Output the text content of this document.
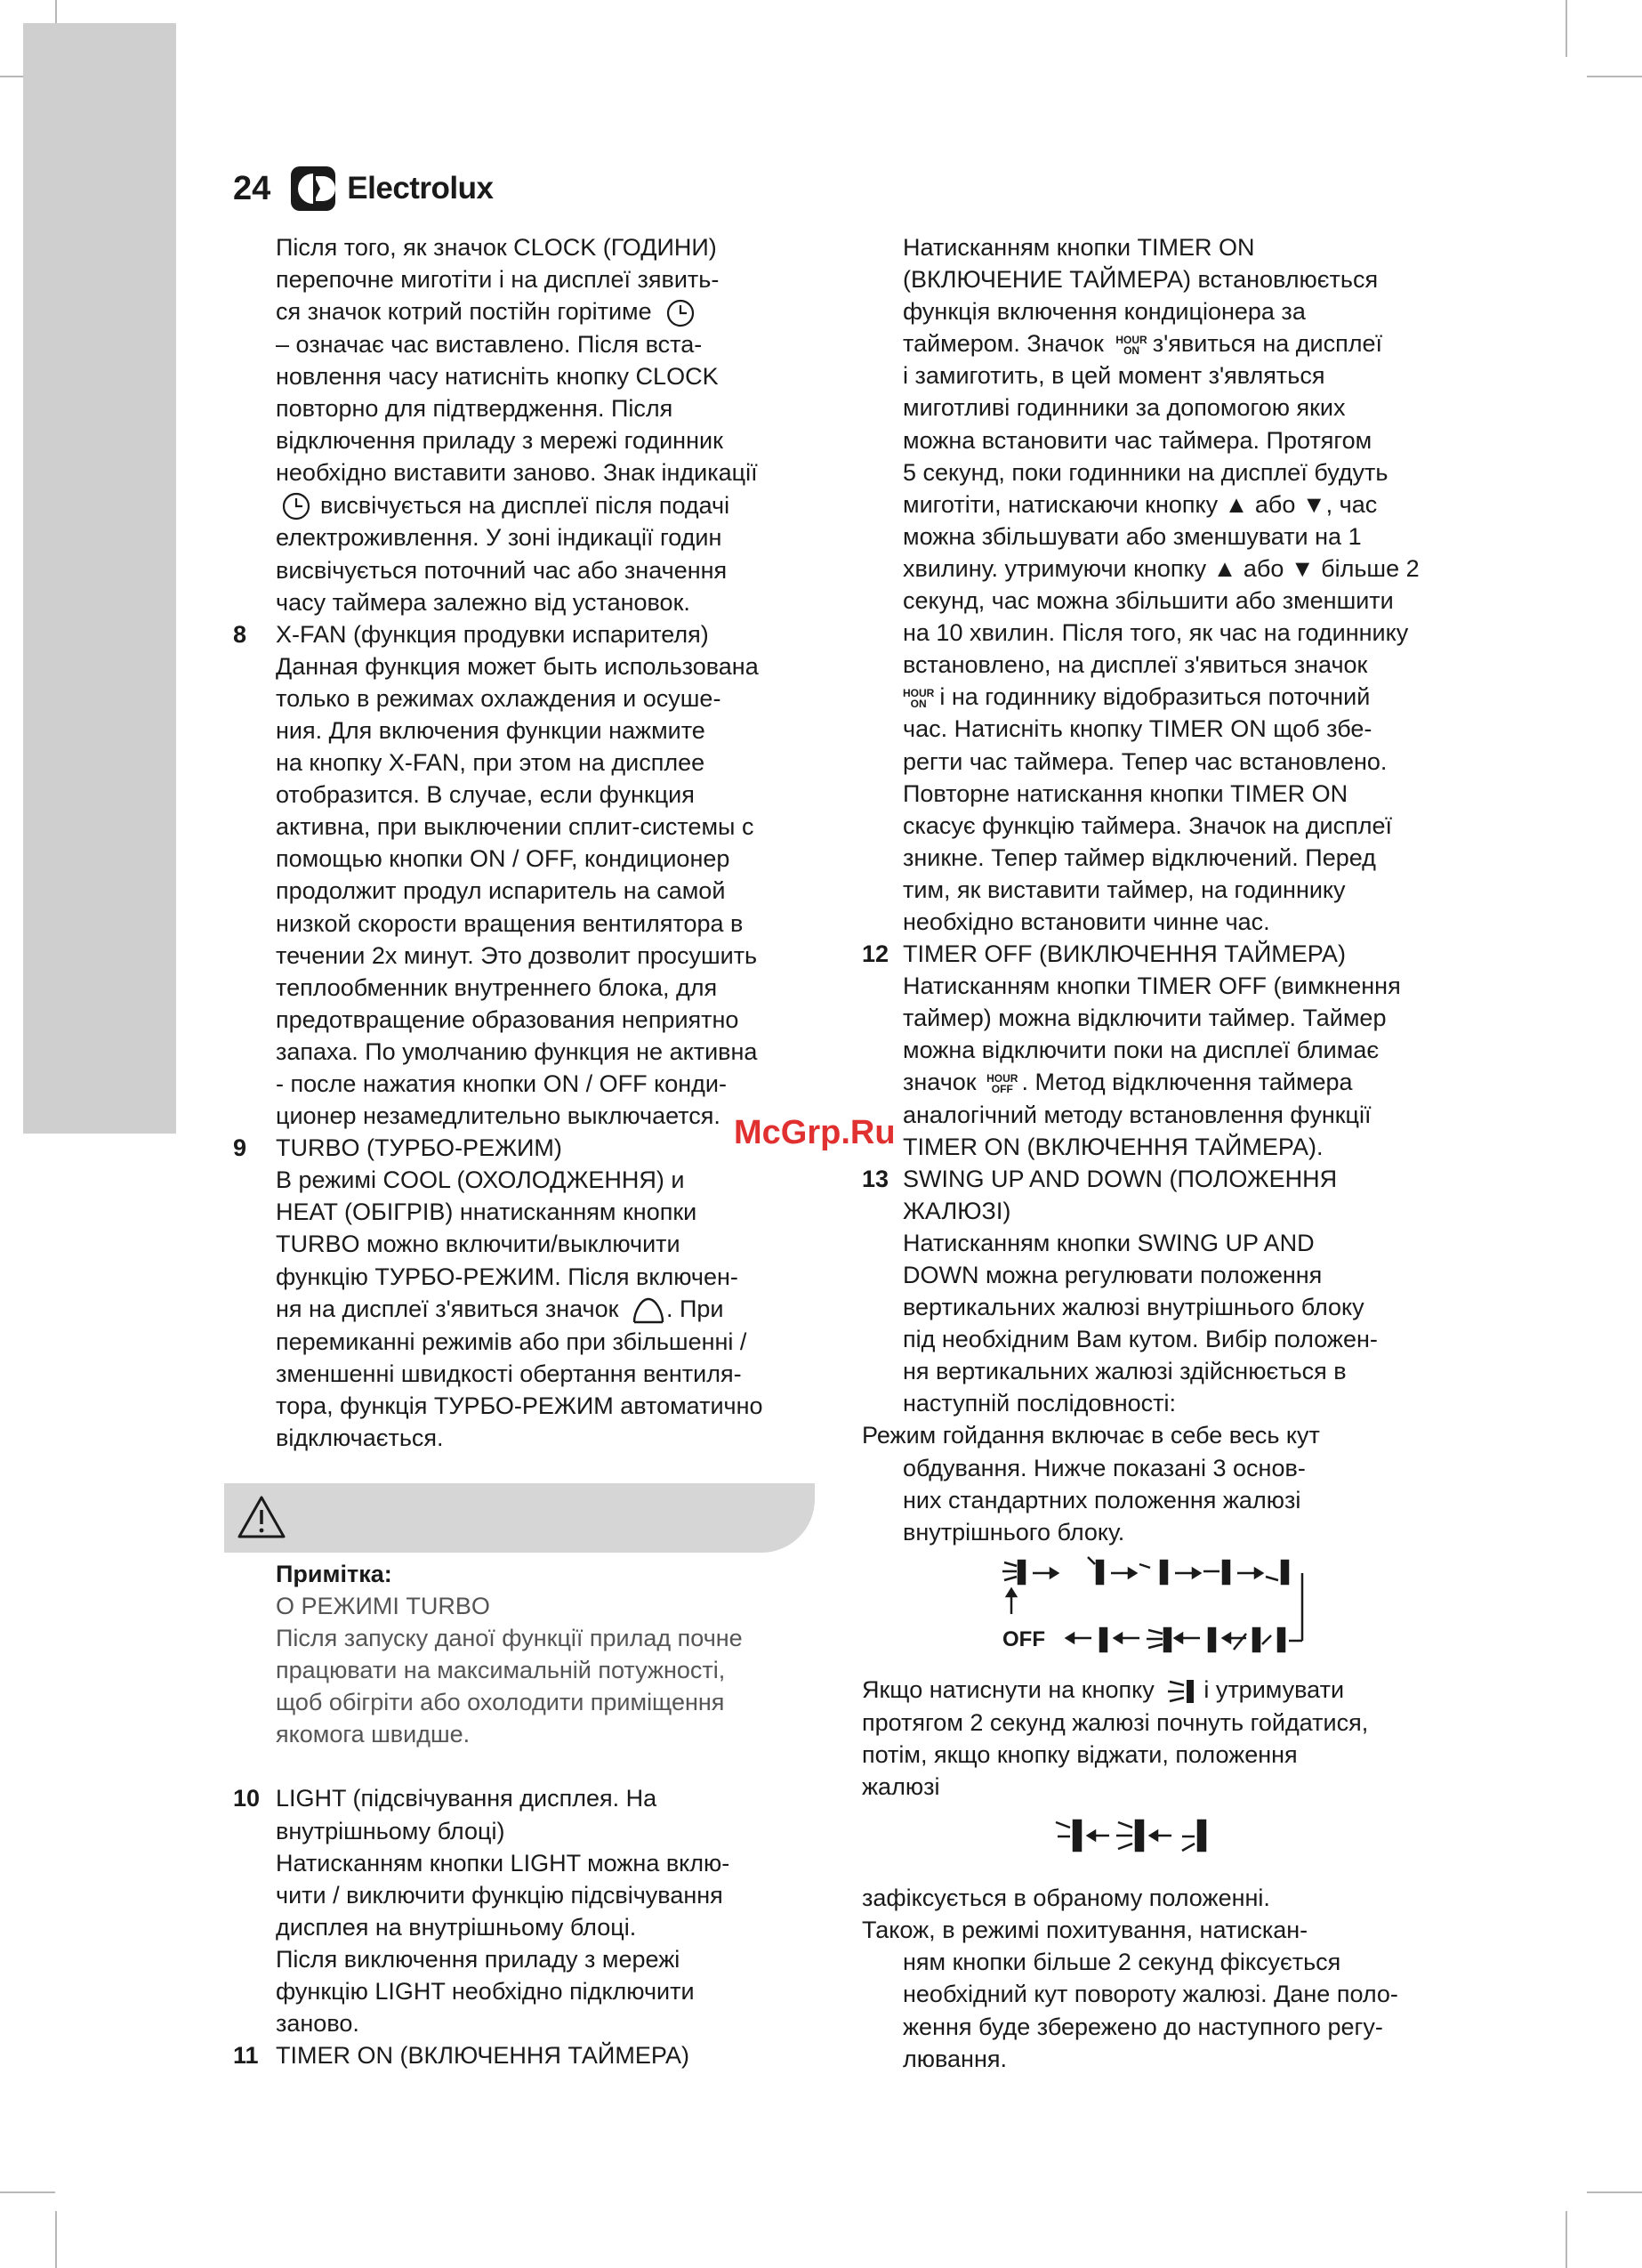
24 Electrolux
Після того, як значок CLOCK (ГОДИНИ)
перепочне миготіти і на дисплеї зявить-
ся значок котрий постійн горітиме
– означає час виставлено. Після вста-
новлення часу натисніть кнопку CLOCK
повторно для підтвердження. Після
відключення приладу з мережі годинник
необхідно виставити заново. Знак індикації
висвічується на дисплеї після подачі
електроживлення. У зоні індикації годин
висвічується поточний час або значення
часу таймера залежно від установок.
8 X-FAN (функция продувки испарителя)
Данная функция может быть использована
только в режимах охлаждения и осуше-
ния. Для включения функции нажмите
на кнопку X-FAN, при этом на дисплее
отобразится. В случае, если функция
активна, при выключении сплит-системы с
помощью кнопки ON / OFF, кондиционер
продолжит продул испаритель на самой
низкой скорости вращения вентилятора в
течении 2х минут. Это дозволит просушить
теплообменник внутреннего блока, для
предотвращение образования неприятно
запаха. По умолчанию функция не активна
- после нажатия кнопки ON / OFF конди-
ционер незамедлительно выключается.
9 TURBO (ТУРБО-РЕЖИМ)
В режимі COOL (ОХОЛОДЖЕННЯ) и
HEAT (ОБІГРІВ) ннатисканням кнопки
TURBO можно включити/выключити
функцію ТУРБО-РЕЖИМ. Після включен-
ня на дисплеї з'явиться значок . При
перемиканні режимів або при збільшенні /
зменшенні швидкості обертання вентиля-
тора, функція ТУРБО-РЕЖИМ автоматично
відключається.
Примітка:
О РЕЖИМІ TURBO
Після запуску даної функції прилад почне
працювати на максимальній потужності,
щоб обігріти або охолодити приміщення
якомога швидше.
10 LIGHT (підсвічування дисплея. На
внутрішньому блоці)
Натисканням кнопки LIGHT можна вклю-
чити / виключити функцію підсвічування
дисплея на внутрішньому блоці.
Після виключення приладу з мережі
функцію LIGHT необхідно підключити
заново.
11 TIMER ON (ВКЛЮЧЕННЯ ТАЙМЕРА)
Натисканням кнопки TIMER ON
(ВКЛЮЧЕНИЕ ТАЙМЕРА) встановлюється
функція включення кондиціонера за
таймером. Значок HOUR
ON з'явиться на дисплеї
і замиготить, в цей момент з'являться
миготливі годинники за допомогою яких
можна встановити час таймера. Протягом
5 секунд, поки годинники на дисплеї будуть
миготіти, натискаючи кнопку ▲ або ▼, час
можна збільшувати або зменшувати на 1
хвилину. утримуючи кнопку ▲ або ▼ більше 2
секунд, час можна збільшити або зменшити
на 10 хвилин. Після того, як час на годиннику
встановлено, на дисплеї з'явиться значок
HOUR
ON і на годиннику відобразиться поточний
час. Натисніть кнопку TIMER ON щоб збе-
регти час таймера. Тепер час встановлено.
Повторне натискання кнопки TIMER ON
скасує функцію таймера. Значок на дисплеї
зникне. Тепер таймер відключений. Перед
тим, як виставити таймер, на годиннику
необхідно встановити чинне час.
12 TIMER OFF (ВИКЛЮЧЕННЯ ТАЙМЕРА)
Натисканням кнопки TIMER OFF (вимкнення
таймер) можна відключити таймер. Таймер
можна відключити поки на дисплеї блимає
значок HOUR
OFF . Метод відключення таймера
аналогічний методу встановлення функції
TIMER ON (ВКЛЮЧЕННЯ ТАЙМЕРА).
13 SWING UP AND DOWN (ПОЛОЖЕННЯ
ЖАЛЮЗІ)
Натисканням кнопки SWING UP AND
DOWN можна регулювати положення
вертикальних жалюзі внутрішнього блоку
під необхідним Вам кутом. Вибір положен-
ня вертикальних жалюзі здійснюється в
наступній послідовності:
Режим гойдання включає в себе весь кут
обдування. Нижче показані 3 основ-
них стандартних положення жалюзі
внутрішнього блоку.
OFF
Якщо натиснути на кнопку і утримувати
протягом 2 секунд жалюзі почнуть гойдатися,
потім, якщо кнопку віджати, положення
жалюзі
зафіксується в обраному положенні.
Також, в режимі похитування, натискан-
ням кнопки більше 2 секунд фіксується
необхідний кут повороту жалюзі. Дане поло-
ження буде збережено до наступного регу-
лювання.
McGrp.Ru
